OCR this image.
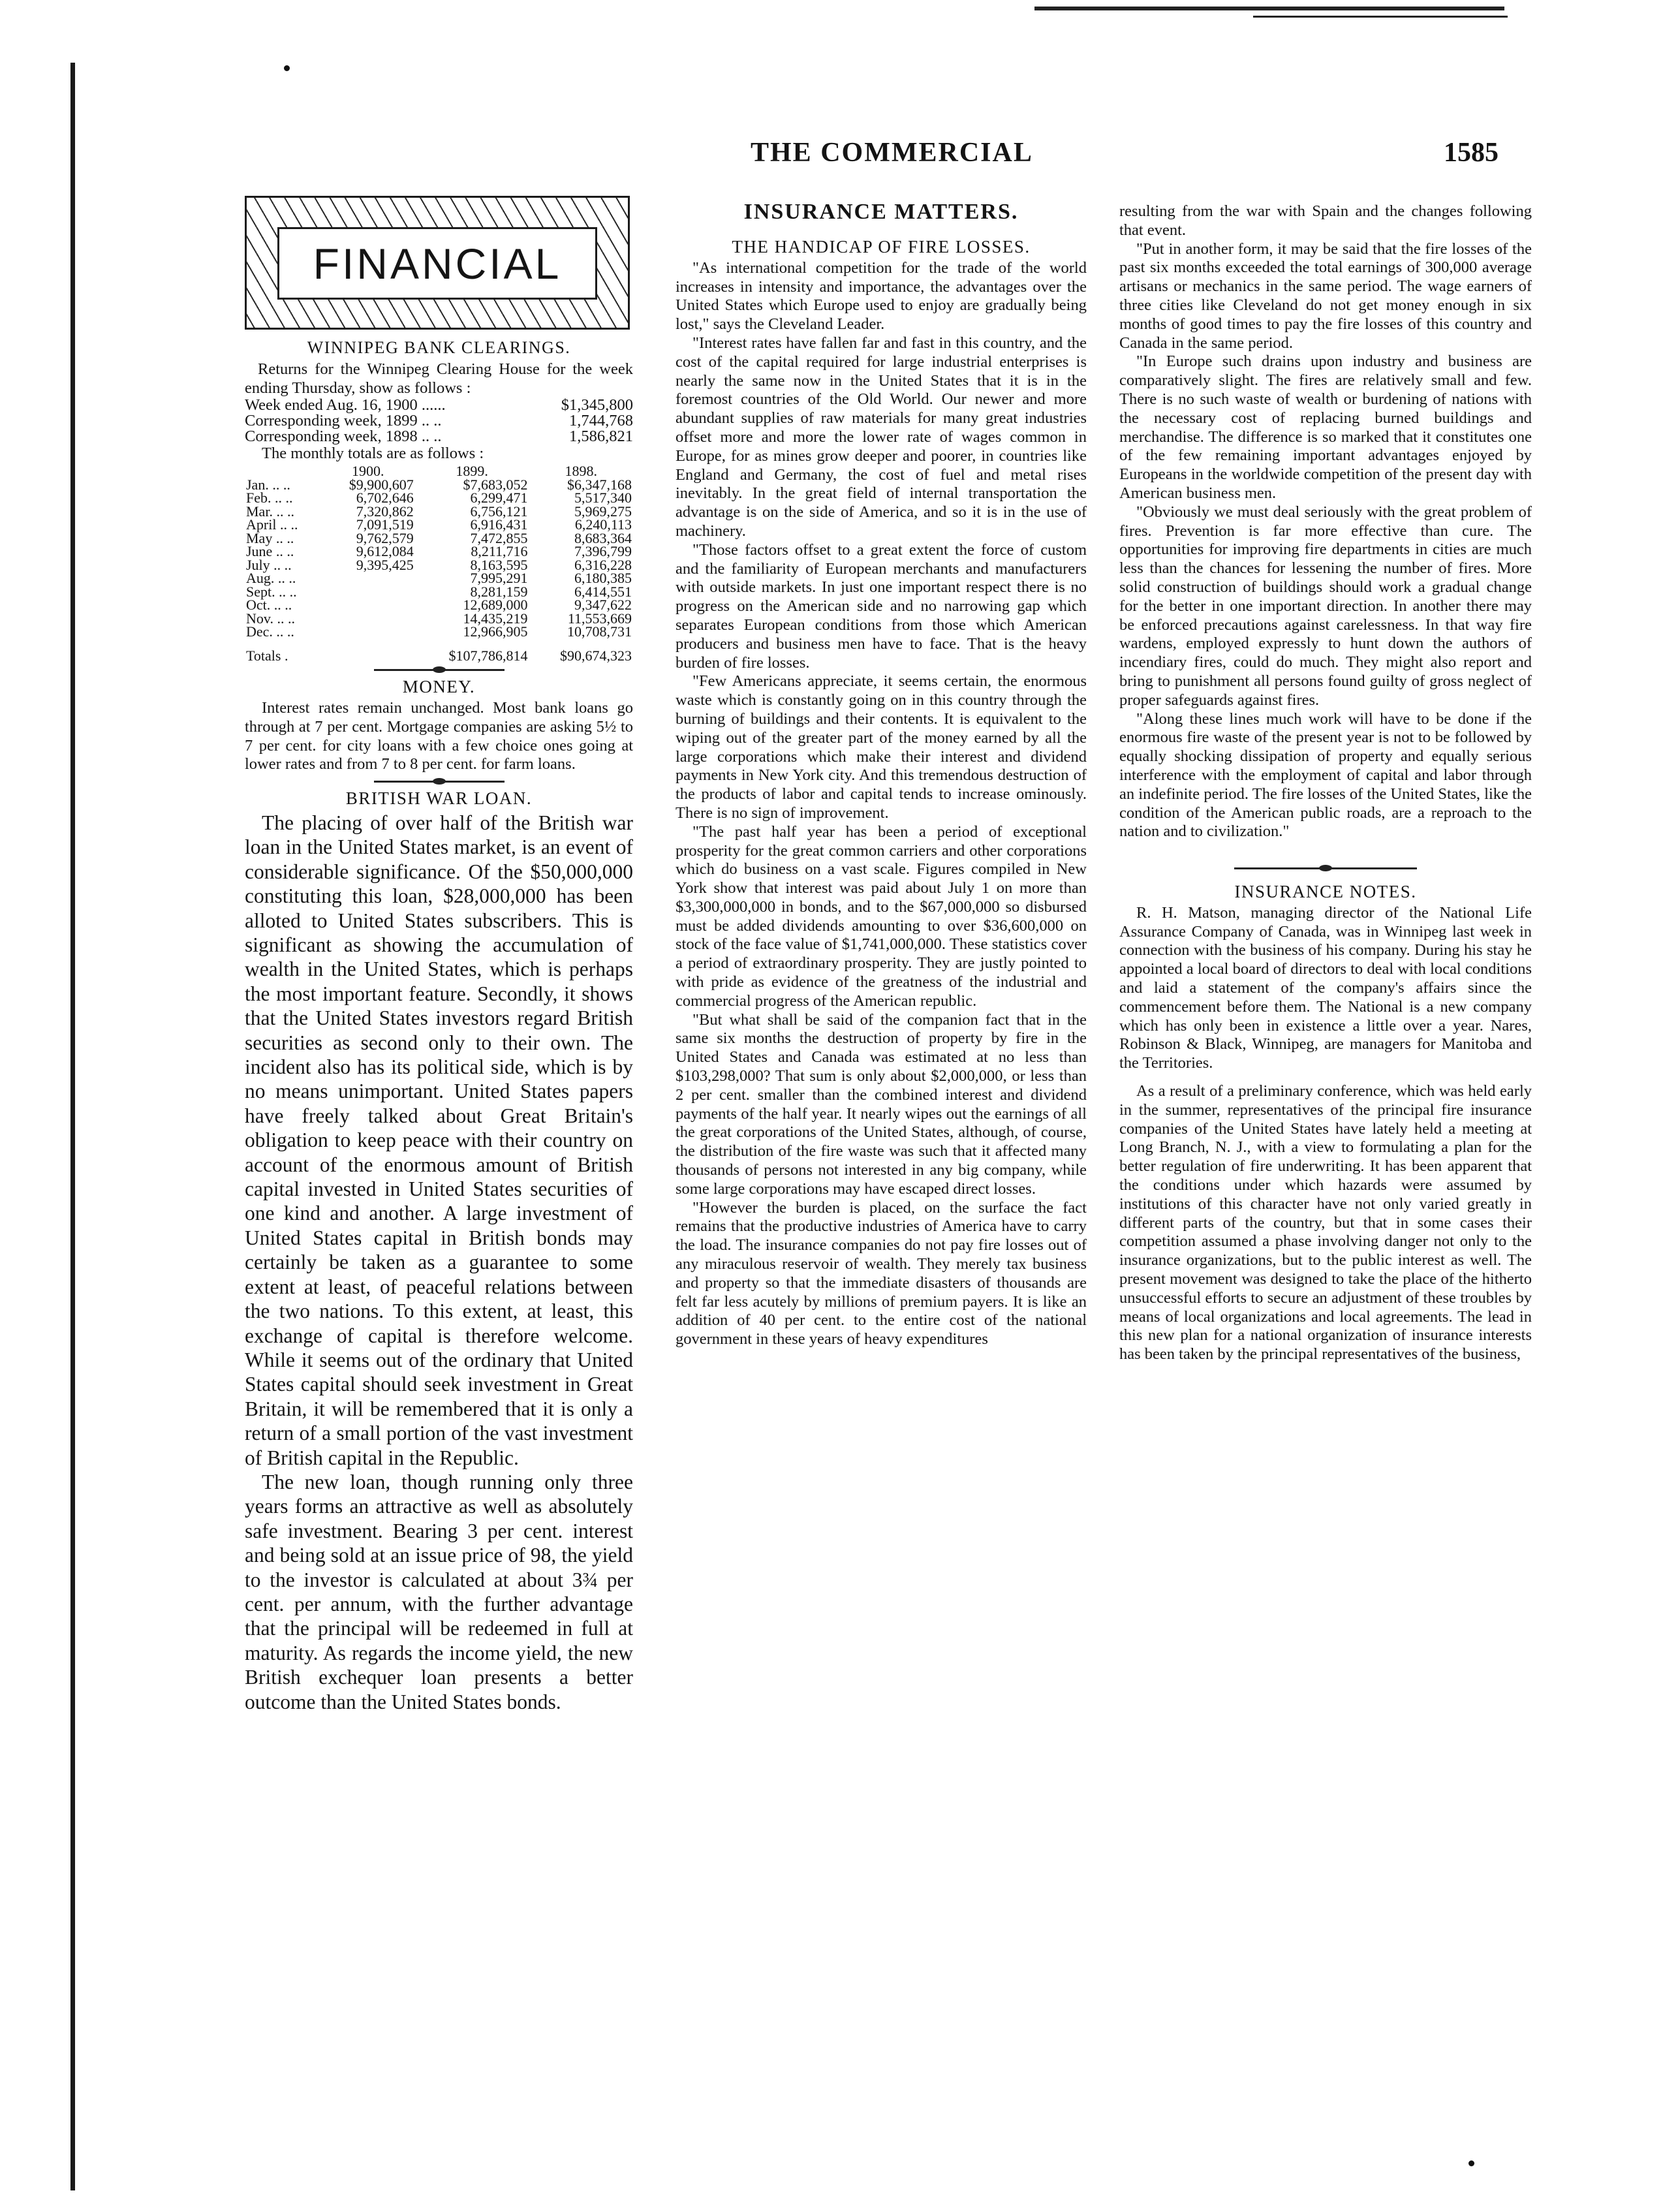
THE COMMERCIAL	1585
FINANCIAL
WINNIPEG BANK CLEARINGS.

Returns for the Winnipeg Clearing House for the week ending Thursday, show as follows :

Week ended Aug. 16, 1900 ......	$1,345,800
Corresponding week, 1899 .. ..	1,744,768
Corresponding week, 1898 .. ..	1,586,821
The monthly totals are as follows :
	1900.	1899.	1898.
Jan. .. ..	$9,900,607	$7,683,052	$6,347,168
Feb. .. ..	6,702,646	6,299,471	5,517,340
Mar. .. ..	7,320,862	6,756,121	5,969,275
April .. ..	7,091,519	6,916,431	6,240,113
May .. ..	9,762,579	7,472,855	8,683,364
June .. ..	9,612,084	8,211,716	7,396,799
July .. ..	9,395,425	8,163,595	6,316,228
Aug. .. ..		7,995,291	6,180,385
Sept. .. ..		8,281,159	6,414,551
Oct. .. ..		12,689,000	9,347,622
Nov. .. ..		14,435,219	11,553,669
Dec. .. ..		12,966,905	10,708,731
Totals .		$107,786,814	$90,674,323
MONEY.

Interest rates remain unchanged. Most bank loans go through at 7 per cent. Mortgage companies are asking 5½ to 7 per cent. for city loans with a few choice ones going at lower rates and from 7 to 8 per cent. for farm loans.

BRITISH WAR LOAN.

The placing of over half of the British war loan in the United States market, is an event of considerable significance. Of the $50,000,000 constituting this loan, $28,000,000 has been alloted to United States subscribers. This is significant as showing the accumulation of wealth in the United States, which is perhaps the most important feature. Secondly, it shows that the United States investors regard British securities as second only to their own. The incident also has its political side, which is by no means unimportant. United States papers have freely talked about Great Britain's obligation to keep peace with their country on account of the enormous amount of British capital invested in United States securities of one kind and another. A large investment of United States capital in British bonds may certainly be taken as a guarantee to some extent at least, of peaceful relations between the two nations. To this extent, at least, this exchange of capital is therefore welcome. While it seems out of the ordinary that United States capital should seek investment in Great Britain, it will be remembered that it is only a return of a small portion of the vast investment of British capital in the Republic.

The new loan, though running only three years forms an attractive as well as absolutely safe investment. Bearing 3 per cent. interest and being sold at an issue price of 98, the yield to the investor is calculated at about 3¾ per cent. per annum, with the further advantage that the principal will be redeemed in full at maturity. As regards the income yield, the new British exchequer loan presents a better outcome than the United States bonds.

INSURANCE MATTERS.
THE HANDICAP OF FIRE LOSSES.

"As international competition for the trade of the world increases in intensity and importance, the advantages over the United States which Europe used to enjoy are gradually being lost," says the Cleveland Leader.

"Interest rates have fallen far and fast in this country, and the cost of the capital required for large industrial enterprises is nearly the same now in the United States that it is in the foremost countries of the Old World. Our newer and more abundant supplies of raw materials for many great industries offset more and more the lower rate of wages common in Europe, for as mines grow deeper and poorer, in countries like England and Germany, the cost of fuel and metal rises inevitably. In the great field of internal transportation the advantage is on the side of America, and so it is in the use of machinery.

"Those factors offset to a great extent the force of custom and the familiarity of European merchants and manufacturers with outside markets. In just one important respect there is no progress on the American side and no narrowing gap which separates European conditions from those which American producers and business men have to face. That is the heavy burden of fire losses.

"Few Americans appreciate, it seems certain, the enormous waste which is constantly going on in this country through the burning of buildings and their contents. It is equivalent to the wiping out of the greater part of the money earned by all the large corporations which make their interest and dividend payments in New York city. And this tremendous destruction of the products of labor and capital tends to increase ominously. There is no sign of improvement.

"The past half year has been a period of exceptional prosperity for the great common carriers and other corporations which do business on a vast scale. Figures compiled in New York show that interest was paid about July 1 on more than $3,300,000,000 in bonds, and to the $67,000,000 so disbursed must be added dividends amounting to over $36,600,000 on stock of the face value of $1,741,000,000. These statistics cover a period of extraordinary prosperity. They are justly pointed to with pride as evidence of the greatness of the industrial and commercial progress of the American republic.

"But what shall be said of the companion fact that in the same six months the destruction of property by fire in the United States and Canada was estimated at no less than $103,298,000? That sum is only about $2,000,000, or less than 2 per cent. smaller than the combined interest and dividend payments of the half year. It nearly wipes out the earnings of all the great corporations of the United States, although, of course, the distribution of the fire waste was such that it affected many thousands of persons not interested in any big company, while some large corporations may have escaped direct losses.

"However the burden is placed, on the surface the fact remains that the productive industries of America have to carry the load. The insurance companies do not pay fire losses out of any miraculous reservoir of wealth. They merely tax business and property so that the immediate disasters of thousands are felt far less acutely by millions of premium payers. It is like an addition of 40 per cent. to the entire cost of the national government in these years of heavy expenditures

resulting from the war with Spain and the changes following that event.

"Put in another form, it may be said that the fire losses of the past six months exceeded the total earnings of 300,000 average artisans or mechanics in the same period. The wage earners of three cities like Cleveland do not get money enough in six months of good times to pay the fire losses of this country and Canada in the same period.

"In Europe such drains upon industry and business are comparatively slight. The fires are relatively small and few. There is no such waste of wealth or burdening of nations with the necessary cost of replacing burned buildings and merchandise. The difference is so marked that it constitutes one of the few remaining important advantages enjoyed by Europeans in the worldwide competition of the present day with American business men.

"Obviously we must deal seriously with the great problem of fires. Prevention is far more effective than cure. The opportunities for improving fire departments in cities are much less than the chances for lessening the number of fires. More solid construction of buildings should work a gradual change for the better in one important direction. In another there may be enforced precautions against carelessness. In that way fire wardens, employed expressly to hunt down the authors of incendiary fires, could do much. They might also report and bring to punishment all persons found guilty of gross neglect of proper safeguards against fires.

"Along these lines much work will have to be done if the enormous fire waste of the present year is not to be followed by equally shocking dissipation of property and equally serious interference with the employment of capital and labor through an indefinite period. The fire losses of the United States, like the condition of the American public roads, are a reproach to the nation and to civilization."

INSURANCE NOTES.

R. H. Matson, managing director of the National Life Assurance Company of Canada, was in Winnipeg last week in connection with the business of his company. During his stay he appointed a local board of directors to deal with local conditions and laid a statement of the company's affairs since the commencement before them. The National is a new company which has only been in existence a little over a year. Nares, Robinson & Black, Winnipeg, are managers for Manitoba and the Territories.

As a result of a preliminary conference, which was held early in the summer, representatives of the principal fire insurance companies of the United States have lately held a meeting at Long Branch, N. J., with a view to formulating a plan for the better regulation of fire underwriting. It has been apparent that the conditions under which hazards were assumed by institutions of this character have not only varied greatly in different parts of the country, but that in some cases their competition assumed a phase involving danger not only to the insurance organizations, but to the public interest as well. The present movement was designed to take the place of the hitherto unsuccessful efforts to secure an adjustment of these troubles by means of local organizations and local agreements. The lead in this new plan for a national organization of insurance interests has been taken by the principal representatives of the business,
